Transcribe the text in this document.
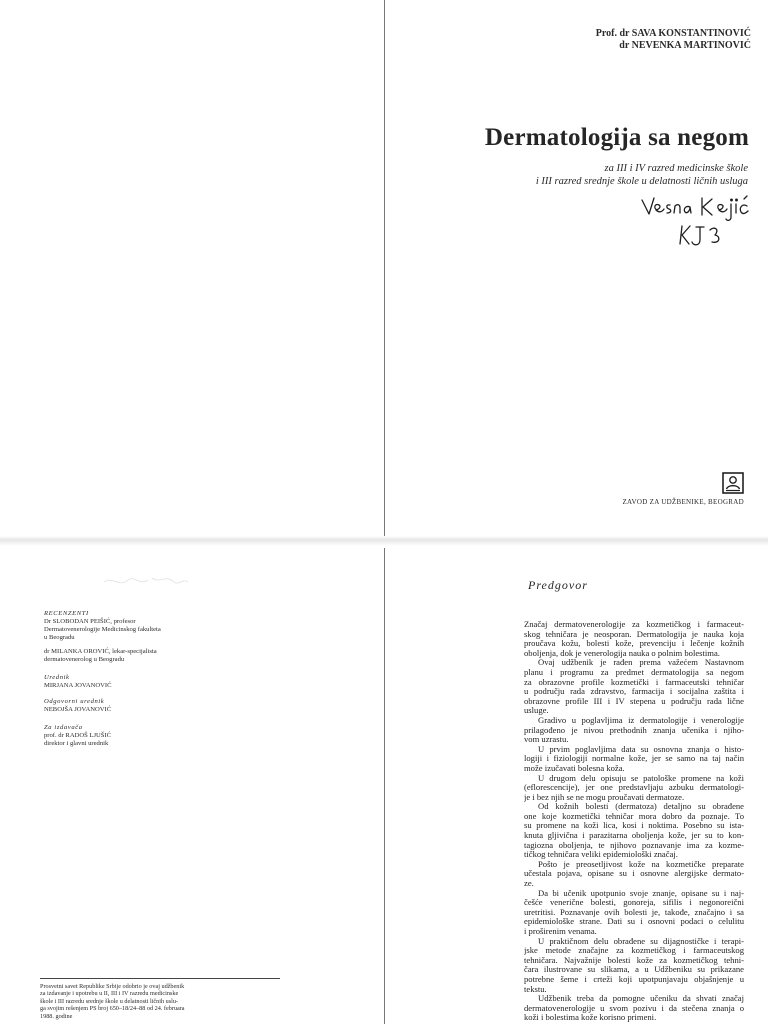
Prof. dr SAVA KONSTANTINOVIĆ
dr NEVENKA MARTINOVIĆ
Dermatologija sa negom
za III i IV razred medicinske škole
i III razred srednje škole u delatnosti ličnih usluga
ZAVOD ZA UDŽBENIKE, BEOGRAD
RECENZENTI
Dr SLOBODAN PEIŠIĆ, profesor
Dermatovenerologije Medicinskog fakulteta
u Beogradu
dr MILANKA OROVIĆ, lekar-specijalista
dermatovenerolog u Beogradu
Urednik
MIRJANA JOVANOVIĆ
Odgovorni urednik
NEBOJŠA JOVANOVIĆ
Za izdavača
prof. dr RADOŠ LJUŠIĆ
direktor i glavni urednik
Prosvetni savet Republike Srbije odobrio je ovaj udžbenik
za izdavanje i upotrebu u II, III i IV razredu medicinske
škole i III razredu srednje škole u delatnosti ličnih uslu-
ga svojim rešenjem PS broj 650–18/24–88 od 24. februara
1988. godine
Predgovor
Značaj dermatovenerologije za kozmetičkog i farmaceut-
skog tehničara je neosporan. Dermatologija je nauka koja
proučava kožu, bolesti kože, prevenciju i lečenje kožnih
oboljenja, dok je venerologija nauka o polnim bolestima.
Ovaj udžbenik je rađen prema važećem Nastavnom
planu i programu za predmet dermatologija sa negom
za obrazovne profile kozmetički i farmaceutski tehničar
u području rada zdravstvo, farmacija i socijalna zaštita i
obrazovne profile III i IV stepena u području rada lične
usluge.
Gradivo u poglavljima iz dermatologije i venerologije
prilagođeno je nivou prethodnih znanja učenika i njiho-
vom uzrastu.
U prvim poglavljima data su osnovna znanja o histo-
logiji i fiziologiji normalne kože, jer se samo na taj način
može izučavati bolesna koža.
U drugom delu opisuju se patološke promene na koži
(eflorescencije), jer one predstavljaju azbuku dermatologi-
je i bez njih se ne mogu proučavati dermatoze.
Od kožnih bolesti (dermatoza) detaljno su obrađene
one koje kozmetički tehničar mora dobro da poznaje. To
su promene na koži lica, kosi i noktima. Posebno su ista-
knuta gljivična i parazitarna oboljenja kože, jer su to kon-
tagiozna oboljenja, te njihovo poznavanje ima za kozme-
tičkog tehničara veliki epidemiološki značaj.
Pošto je preosetljivost kože na kozmetičke preparate
učestala pojava, opisane su i osnovne alergijske dermato-
ze.
Da bi učenik upotpunio svoje znanje, opisane su i naj-
češće venerične bolesti, gonoreja, sifilis i negonoreični
uretritisi. Poznavanje ovih bolesti je, takođe, značajno i sa
epidemiološke strane. Dati su i osnovni podaci o celulitu
i proširenim venama.
U praktičnom delu obrađene su dijagnostičke i terapi-
jske metode značajne za kozmetičkog i farmaceutskog
tehničara. Najvažnije bolesti kože za kozmetičkog tehni-
čara ilustrovane su slikama, a u Udžbeniku su prikazane
potrebne šeme i crteži koji upotpunjavaju objašnjenje u
tekstu.
Udžbenik treba da pomogne učeniku da shvati značaj
dermatovenerologije u svom pozivu i da stečena znanja o
koži i bolestima kože korisno primeni.
